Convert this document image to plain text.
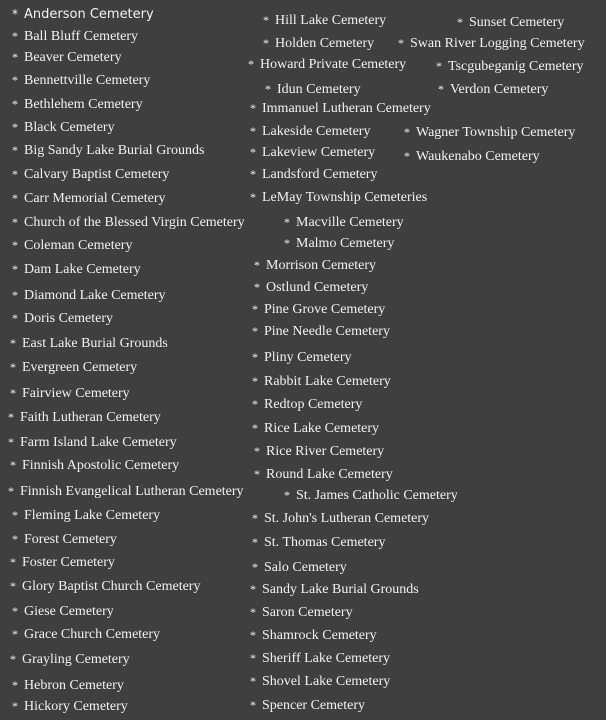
* Anderson Cemetery
* Ball Bluff Cemetery
* Beaver Cemetery
* Bennettville Cemetery
* Bethlehem Cemetery
* Black Cemetery
* Big Sandy Lake Burial Grounds
* Calvary Baptist Cemetery
* Carr Memorial Cemetery
* Church of the Blessed Virgin Cemetery
* Coleman Cemetery
* Dam Lake Cemetery
* Diamond Lake Cemetery
* Doris Cemetery
* East Lake Burial Grounds
* Evergreen Cemetery
* Fairview Cemetery
* Faith Lutheran Cemetery
* Farm Island Lake Cemetery
* Finnish Apostolic Cemetery
* Finnish Evangelical Lutheran Cemetery
* Fleming Lake Cemetery
* Forest Cemetery
* Foster Cemetery
* Glory Baptist Church Cemetery
* Giese Cemetery
* Grace Church Cemetery
* Grayling Cemetery
* Hebron Cemetery
* Hickory Cemetery
* Hill Lake Cemetery
* Holden Cemetery
* Howard Private Cemetery
* Idun Cemetery
* Immanuel Lutheran Cemetery
* Lakeside Cemetery
* Lakeview Cemetery
* Landsford Cemetery
* LeMay Township Cemeteries
* Macville Cemetery
* Malmo Cemetery
* Morrison Cemetery
* Ostlund Cemetery
* Pine Grove Cemetery
* Pine Needle Cemetery
* Pliny Cemetery
* Rabbit Lake Cemetery
* Redtop Cemetery
* Rice Lake Cemetery
* Rice River Cemetery
* Round Lake Cemetery
* St. James Catholic Cemetery
* St. John's Lutheran Cemetery
* St. Thomas Cemetery
* Salo Cemetery
* Sandy Lake Burial Grounds
* Saron Cemetery
* Shamrock Cemetery
* Sheriff Lake Cemetery
* Shovel Lake Cemetery
* Spencer Cemetery
* Sunset Cemetery
* Swan River Logging Cemetery
* Tscgubeganig Cemetery
* Verdon Cemetery
* Wagner Township Cemetery
* Waukenabo Cemetery
